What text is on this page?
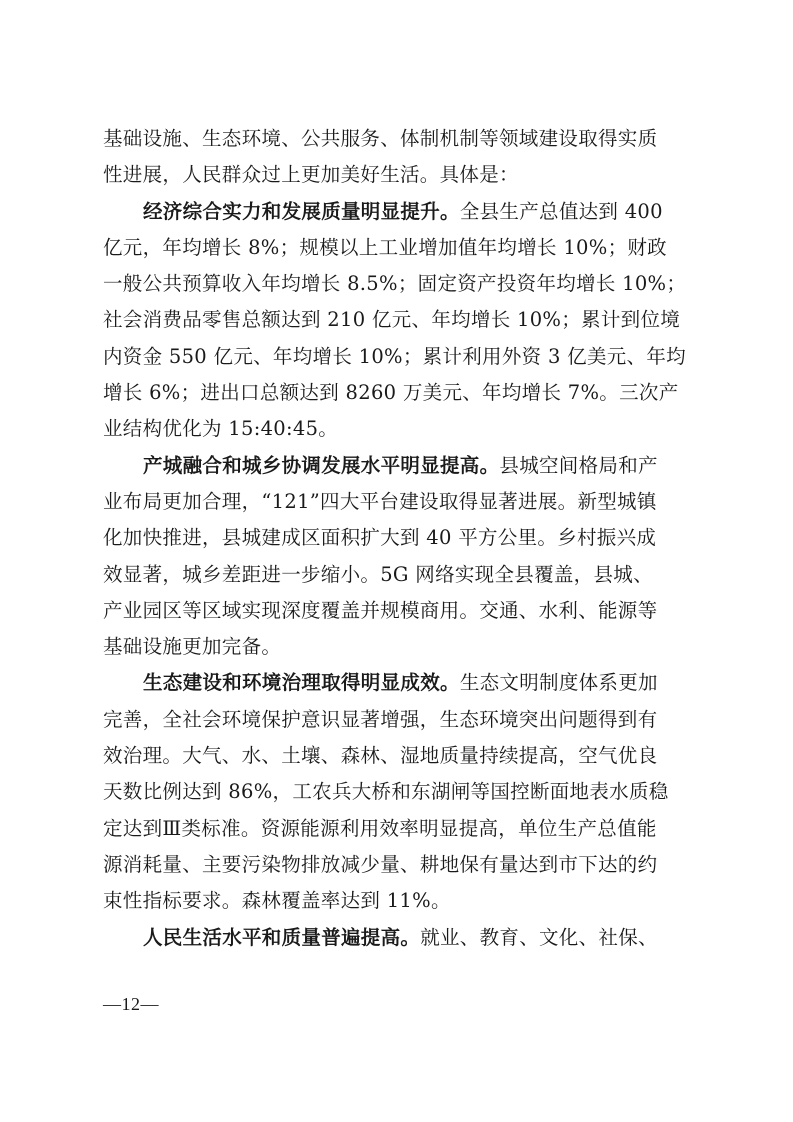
基础设施、生态环境、公共服务、体制机制等领域建设取得实质
性进展，人民群众过上更加美好生活。具体是：
经济综合实力和发展质量明显提升。全县生产总值达到 400
亿元，年均增长 8%；规模以上工业增加值年均增长 10%；财政
一般公共预算收入年均增长 8.5%；固定资产投资年均增长 10%；
社会消费品零售总额达到 210 亿元、年均增长 10%；累计到位境
内资金 550 亿元、年均增长 10%；累计利用外资 3 亿美元、年均
增长 6%；进出口总额达到 8260 万美元、年均增长 7%。三次产
业结构优化为 15:40:45。
产城融合和城乡协调发展水平明显提高。县城空间格局和产
业布局更加合理，“121”四大平台建设取得显著进展。新型城镇
化加快推进，县城建成区面积扩大到 40 平方公里。乡村振兴成
效显著，城乡差距进一步缩小。5G 网络实现全县覆盖，县城、
产业园区等区域实现深度覆盖并规模商用。交通、水利、能源等
基础设施更加完备。
生态建设和环境治理取得明显成效。生态文明制度体系更加
完善，全社会环境保护意识显著增强，生态环境突出问题得到有
效治理。大气、水、土壤、森林、湿地质量持续提高，空气优良
天数比例达到 86%，工农兵大桥和东湖闸等国控断面地表水质稳
定达到Ⅲ类标准。资源能源利用效率明显提高，单位生产总值能
源消耗量、主要污染物排放减少量、耕地保有量达到市下达的约
束性指标要求。森林覆盖率达到 11%。
人民生活水平和质量普遍提高。就业、教育、文化、社保、
—12—
